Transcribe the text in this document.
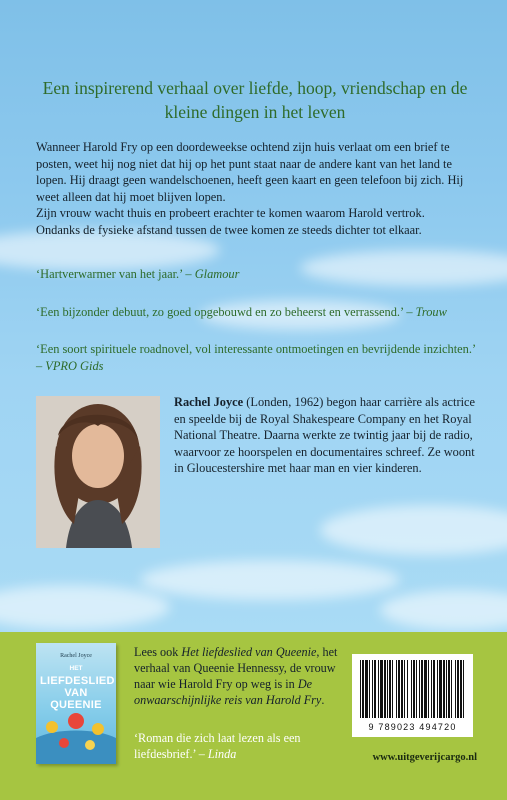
Een inspirerend verhaal over liefde, hoop, vriendschap en de kleine dingen in het leven

Wanneer Harold Fry op een doordeweekse ochtend zijn huis verlaat om een brief te posten, weet hij nog niet dat hij op het punt staat naar de andere kant van het land te lopen. Hij draagt geen wandelschoenen, heeft geen kaart en geen telefoon bij zich. Hij weet alleen dat hij moet blijven lopen.

Zijn vrouw wacht thuis en probeert erachter te komen waarom Harold vertrok.

Ondanks de fysieke afstand tussen de twee komen ze steeds dichter tot elkaar.

‘Hartverwarmer van het jaar.’ – Glamour

‘Een bijzonder debuut, zo goed opgebouwd en zo beheerst en verrassend.’ – Trouw

‘Een soort spirituele roadnovel, vol interessante ontmoetingen en bevrijdende inzichten.’ – VPRO Gids

Rachel Joyce (Londen, 1962) begon haar carrière als actrice en speelde bij de Royal Shakespeare Company en het Royal National Theatre. Daarna werkte ze twintig jaar bij de radio, waarvoor ze hoorspelen en documentaires schreef. Ze woont in Gloucestershire met haar man en vier kinderen.

Rachel Joyce
HET
LIEFDESLIED
VAN QUEENIE

Lees ook Het liefdeslied van Queenie, het verhaal van Queenie Hennessy, de vrouw naar wie Harold Fry op weg is in De onwaarschijnlijke reis van Harold Fry.

‘Roman die zich laat lezen als een liefdesbrief.’ – Linda

9 789023 494720
www.uitgeverijcargo.nl
